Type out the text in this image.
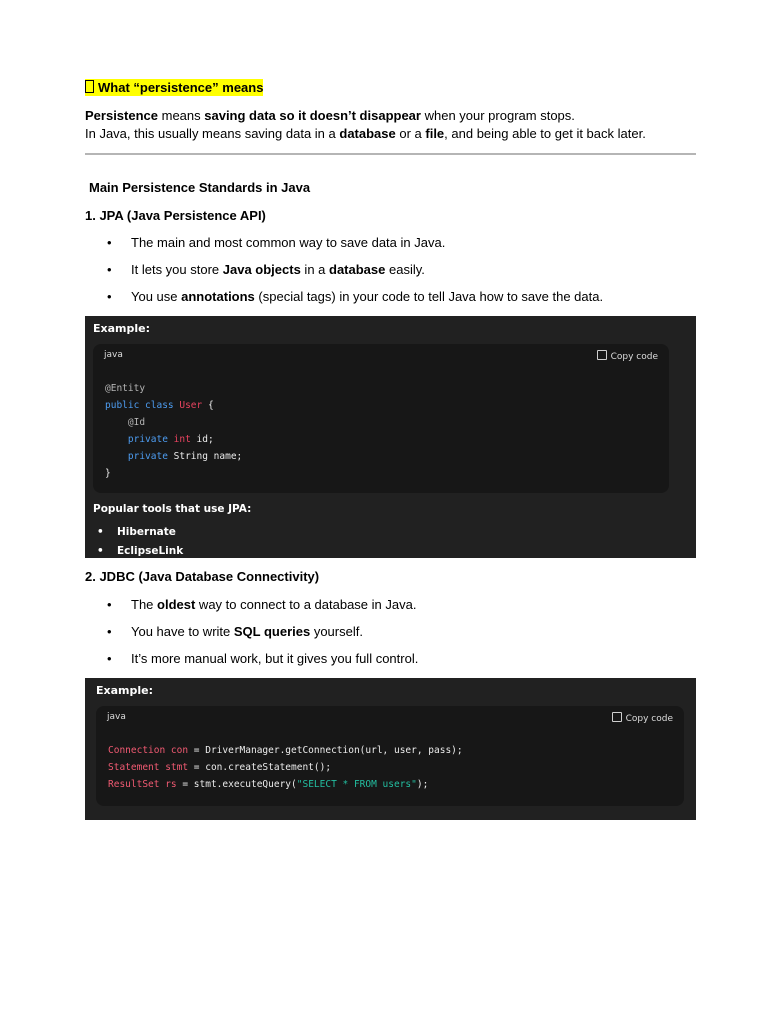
What “persistence” means
Persistence means saving data so it doesn’t disappear when your program stops.
In Java, this usually means saving data in a database or a file, and being able to get it back later.
Main Persistence Standards in Java
1. JPA (Java Persistence API)
• The main and most common way to save data in Java.
• It lets you store Java objects in a database easily.
• You use annotations (special tags) in your code to tell Java how to save the data.
Example:
java	Copy code
@Entity
public class User {
@Id
private int id;
private String name;
}
Popular tools that use JPA:
• Hibernate
• EclipseLink
2. JDBC (Java Database Connectivity)
• The oldest way to connect to a database in Java.
• You have to write SQL queries yourself.
• It’s more manual work, but it gives you full control.
Example:
java	Copy code
Connection con = DriverManager.getConnection(url, user, pass);
Statement stmt = con.createStatement();
ResultSet rs = stmt.executeQuery("SELECT * FROM users");
